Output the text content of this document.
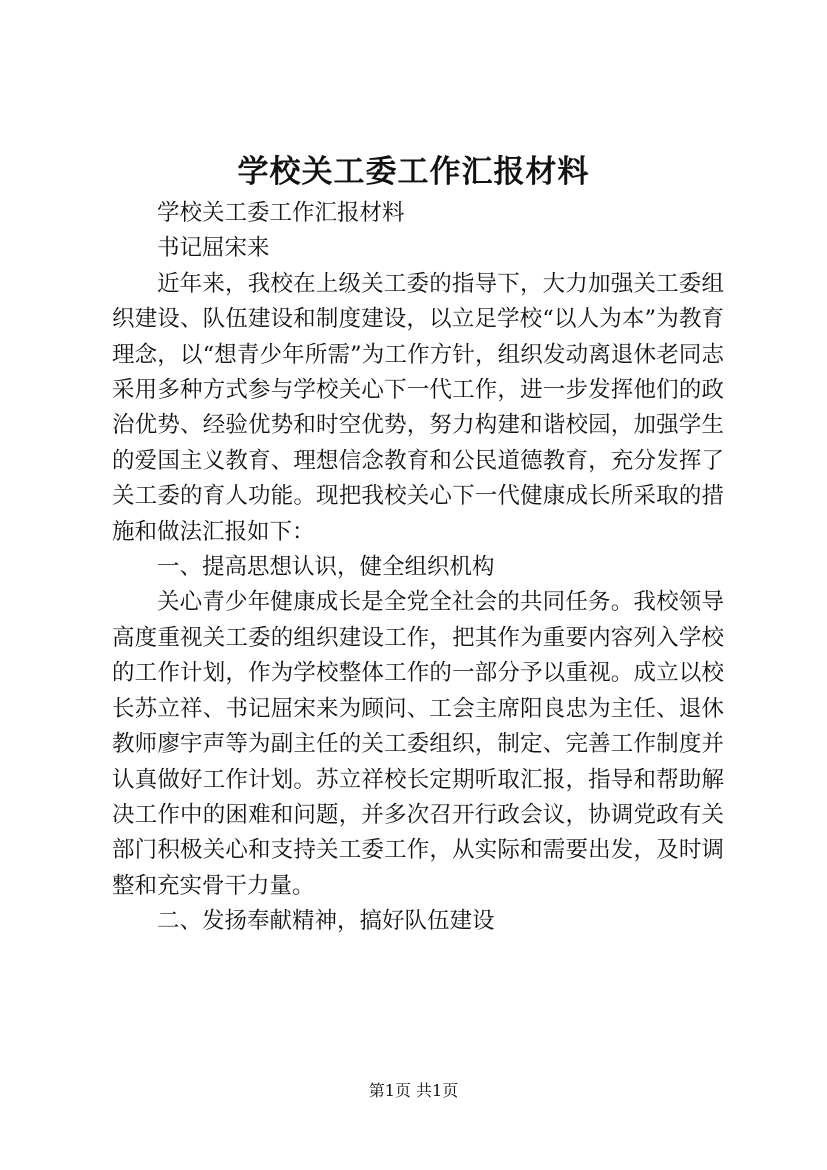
学校关工委工作汇报材料

学校关工委工作汇报材料

书记屈宋来

近年来，我校在上级关工委的指导下，大力加强关工委组织建设、队伍建设和制度建设，以立足学校“以人为本”为教育理念，以“想青少年所需”为工作方针，组织发动离退休老同志采用多种方式参与学校关心下一代工作，进一步发挥他们的政治优势、经验优势和时空优势，努力构建和谐校园，加强学生的爱国主义教育、理想信念教育和公民道德教育，充分发挥了关工委的育人功能。现把我校关心下一代健康成长所采取的措施和做法汇报如下：

一、提高思想认识，健全组织机构

关心青少年健康成长是全党全社会的共同任务。我校领导高度重视关工委的组织建设工作，把其作为重要内容列入学校的工作计划，作为学校整体工作的一部分予以重视。成立以校长苏立祥、书记屈宋来为顾问、工会主席阳良忠为主任、退休教师廖宇声等为副主任的关工委组织，制定、完善工作制度并认真做好工作计划。苏立祥校长定期听取汇报，指导和帮助解决工作中的困难和问题，并多次召开行政会议，协调党政有关部门积极关心和支持关工委工作，从实际和需要出发，及时调整和充实骨干力量。

二、发扬奉献精神，搞好队伍建设

第1页 共1页
